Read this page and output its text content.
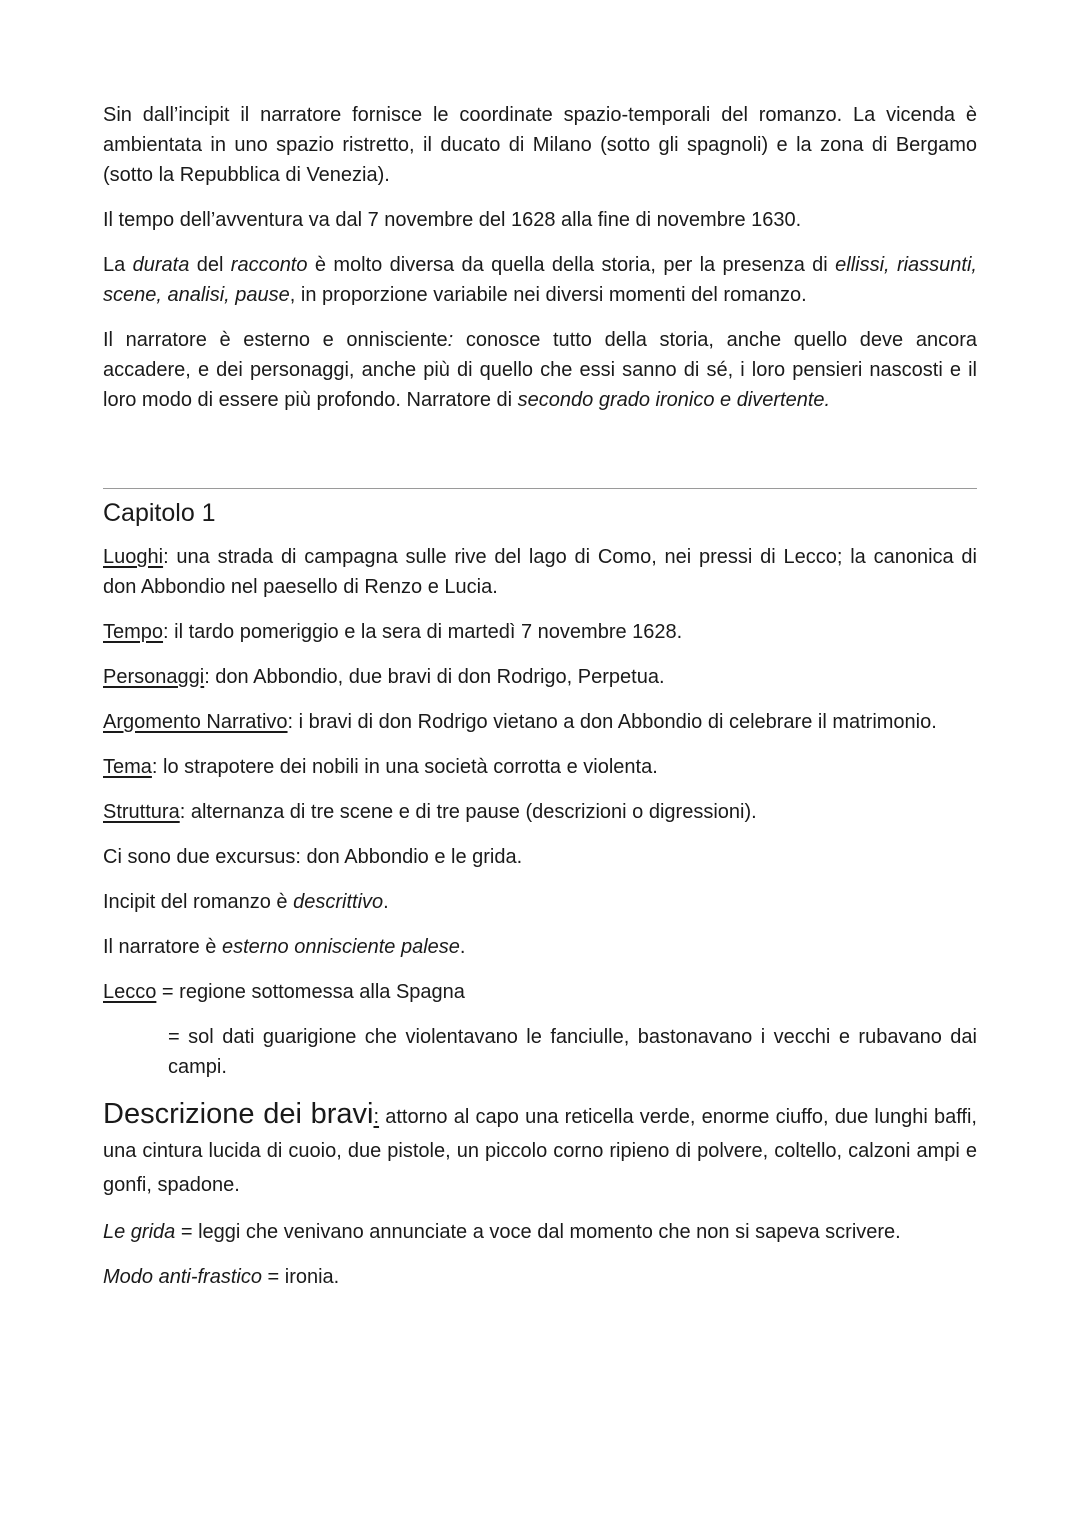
Sin dall’incipit il narratore fornisce le coordinate spazio-temporali del romanzo. La vicenda è ambientata in uno spazio ristretto, il ducato di Milano (sotto gli spagnoli) e la zona di Bergamo (sotto la Repubblica di Venezia).

Il tempo dell’avventura va dal 7 novembre del 1628 alla fine di novembre 1630.

La durata del racconto è molto diversa da quella della storia, per la presenza di ellissi, riassunti, scene, analisi, pause, in proporzione variabile nei diversi momenti del romanzo.

Il narratore è esterno e onnisciente: conosce tutto della storia, anche quello deve ancora accadere, e dei personaggi, anche più di quello che essi sanno di sé, i loro pensieri nascosti e il loro modo di essere più profondo. Narratore di secondo grado ironico e divertente.

Capitolo 1

Luoghi: una strada di campagna sulle rive del lago di Como, nei pressi di Lecco; la canonica di don Abbondio nel paesello di Renzo e Lucia.

Tempo: il tardo pomeriggio e la sera di martedì 7 novembre 1628.

Personaggi: don Abbondio, due bravi di don Rodrigo, Perpetua.

Argomento Narrativo: i bravi di don Rodrigo vietano a don Abbondio di celebrare il matrimonio.

Tema: lo strapotere dei nobili in una società corrotta e violenta.

Struttura: alternanza di tre scene e di tre pause (descrizioni o digressioni).

Ci sono due excursus: don Abbondio e le grida.

Incipit del romanzo è descrittivo.

Il narratore è esterno onnisciente palese.

Lecco = regione sottomessa alla Spagna

= sol dati guarigione che violentavano le fanciulle, bastonavano i vecchi e rubavano dai campi.

Descrizione dei bravi: attorno al capo una reticella verde, enorme ciuffo, due lunghi baffi, una cintura lucida di cuoio, due pistole, un piccolo corno ripieno di polvere, coltello, calzoni ampi e gonfi, spadone.

Le grida = leggi che venivano annunciate a voce dal momento che non si sapeva scrivere.

Modo anti-frastico = ironia.
